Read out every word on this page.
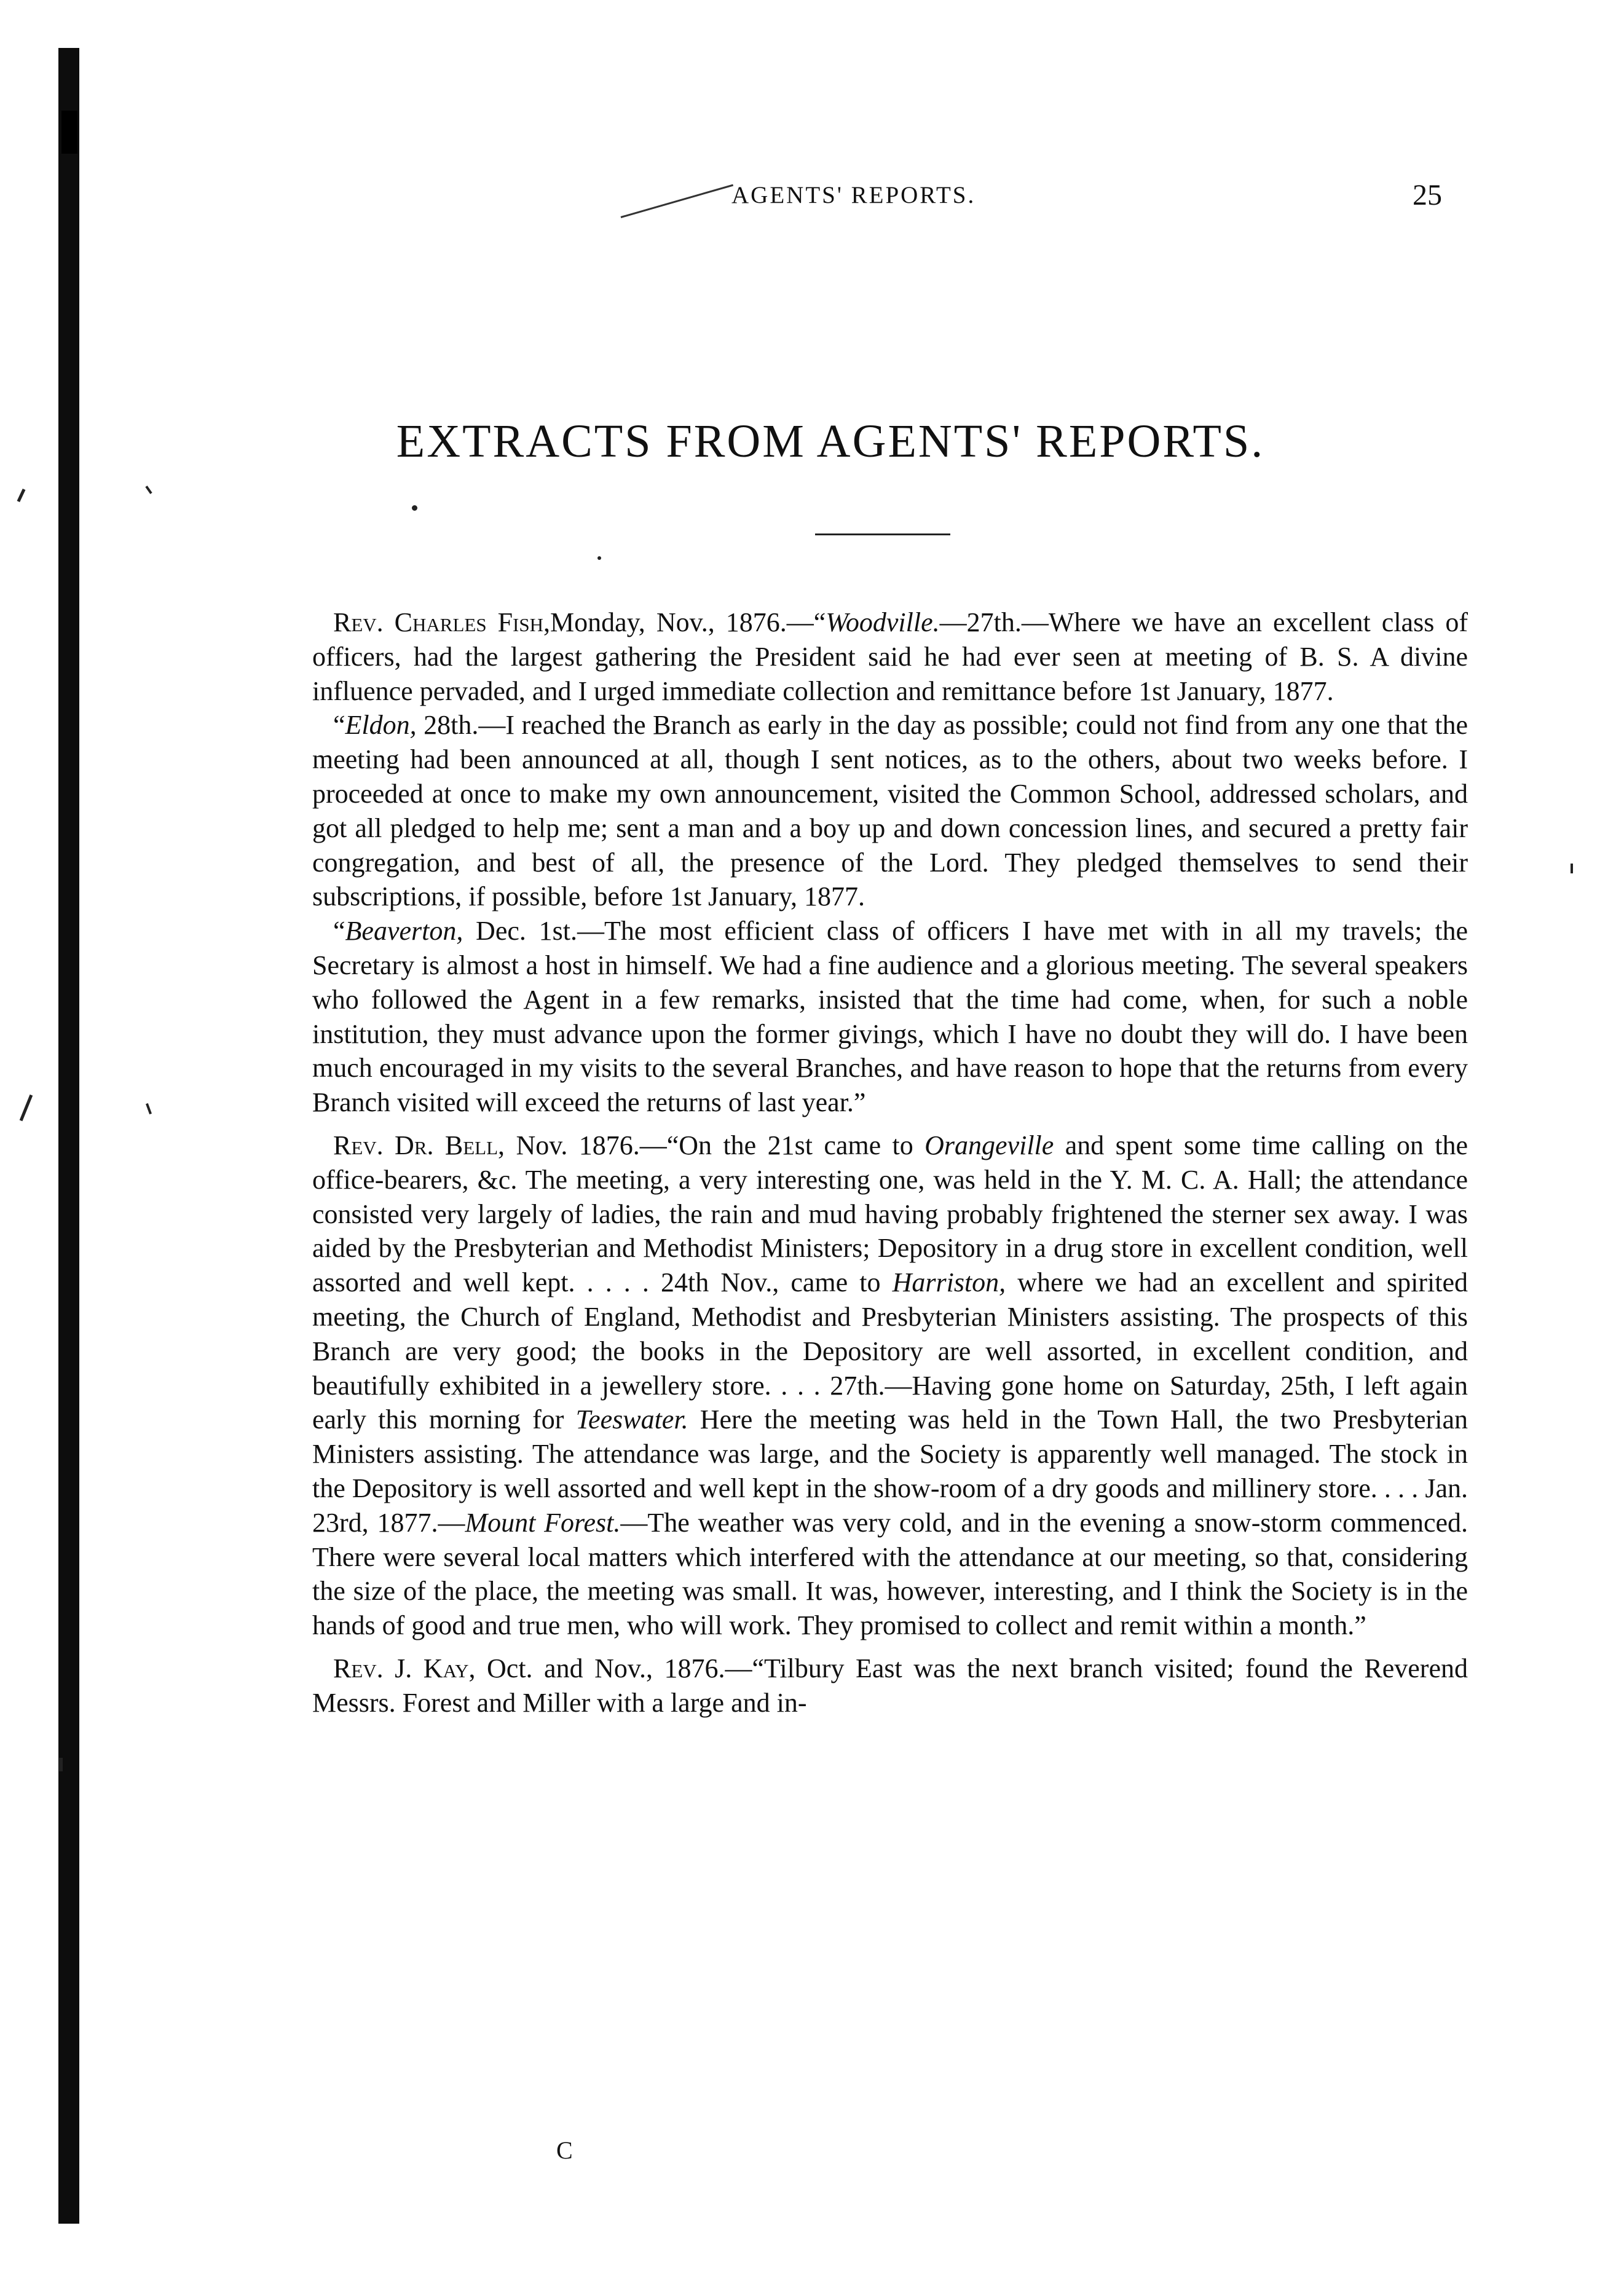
AGENTS' REPORTS.	25
EXTRACTS FROM AGENTS' REPORTS.

Rev. Charles Fish,Monday, Nov., 1876.—“Woodville.—27th.—Where we have an excellent class of officers, had the largest gathering the President said he had ever seen at meeting of B. S. A divine influence pervaded, and I urged immediate collection and remittance before 1st January, 1877.

“Eldon, 28th.—I reached the Branch as early in the day as possible; could not find from any one that the meeting had been announced at all, though I sent notices, as to the others, about two weeks before. I proceeded at once to make my own announcement, visited the Common School, addressed scholars, and got all pledged to help me; sent a man and a boy up and down concession lines, and secured a pretty fair congregation, and best of all, the presence of the Lord. They pledged themselves to send their subscriptions, if possible, before 1st January, 1877.

“Beaverton, Dec. 1st.—The most efficient class of officers I have met with in all my travels; the Secretary is almost a host in himself. We had a fine audience and a glorious meeting. The several speakers who followed the Agent in a few remarks, insisted that the time had come, when, for such a noble institution, they must advance upon the former givings, which I have no doubt they will do. I have been much encouraged in my visits to the several Branches, and have reason to hope that the returns from every Branch visited will exceed the returns of last year.”

Rev. Dr. Bell, Nov. 1876.—“On the 21st came to Orangeville and spent some time calling on the office-bearers, &c. The meeting, a very interesting one, was held in the Y. M. C. A. Hall; the attendance consisted very largely of ladies, the rain and mud having probably frightened the sterner sex away. I was aided by the Presbyterian and Methodist Ministers; Depository in a drug store in excellent condition, well assorted and well kept. . . . . 24th Nov., came to Harriston, where we had an excellent and spirited meeting, the Church of England, Methodist and Presbyterian Ministers assisting. The prospects of this Branch are very good; the books in the Depository are well assorted, in excellent condition, and beautifully exhibited in a jewellery store. . . . 27th.—Having gone home on Saturday, 25th, I left again early this morning for Teeswater. Here the meeting was held in the Town Hall, the two Presbyterian Ministers assisting. The attendance was large, and the Society is apparently well managed. The stock in the Depository is well assorted and well kept in the show-room of a dry goods and millinery store. . . . Jan. 23rd, 1877.—Mount Forest.—The weather was very cold, and in the evening a snow-storm commenced. There were several local matters which interfered with the attendance at our meeting, so that, considering the size of the place, the meeting was small. It was, however, interesting, and I think the Society is in the hands of good and true men, who will work. They promised to collect and remit within a month.”

Rev. J. Kay, Oct. and Nov., 1876.—“Tilbury East was the next branch visited; found the Reverend Messrs. Forest and Miller with a large and in-

C
